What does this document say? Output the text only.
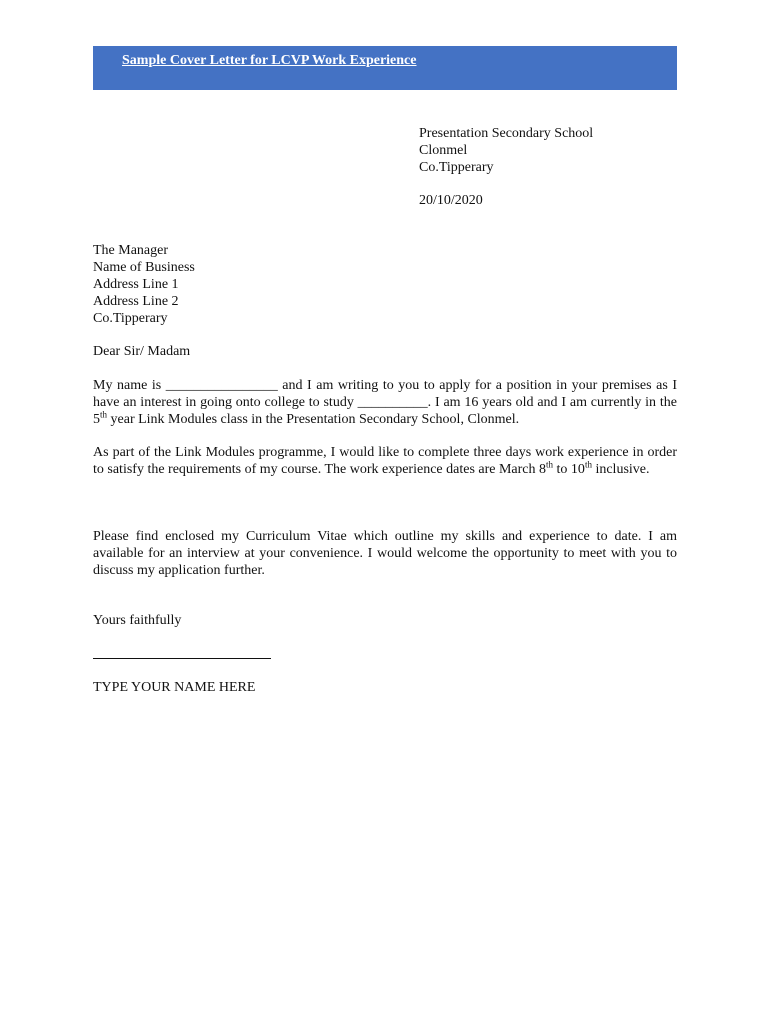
Sample Cover Letter for LCVP Work Experience
Presentation Secondary School
Clonmel
Co.Tipperary
20/10/2020
The Manager
Name of Business
Address Line 1
Address Line 2
Co.Tipperary
Dear Sir/ Madam
My name is ________________ and I am writing to you to apply for a position in your premises as I have an interest in going onto college to study __________. I am 16 years old and I am currently in the 5th year Link Modules class in the Presentation Secondary School, Clonmel.
As part of the Link Modules programme, I would like to complete three days work experience in order to satisfy the requirements of my course. The work experience dates are March 8th to 10th inclusive.
Please find enclosed my Curriculum Vitae which outline my skills and experience to date. I am available for an interview at your convenience. I would welcome the opportunity to meet with you to discuss my application further.
Yours faithfully
TYPE YOUR NAME HERE
